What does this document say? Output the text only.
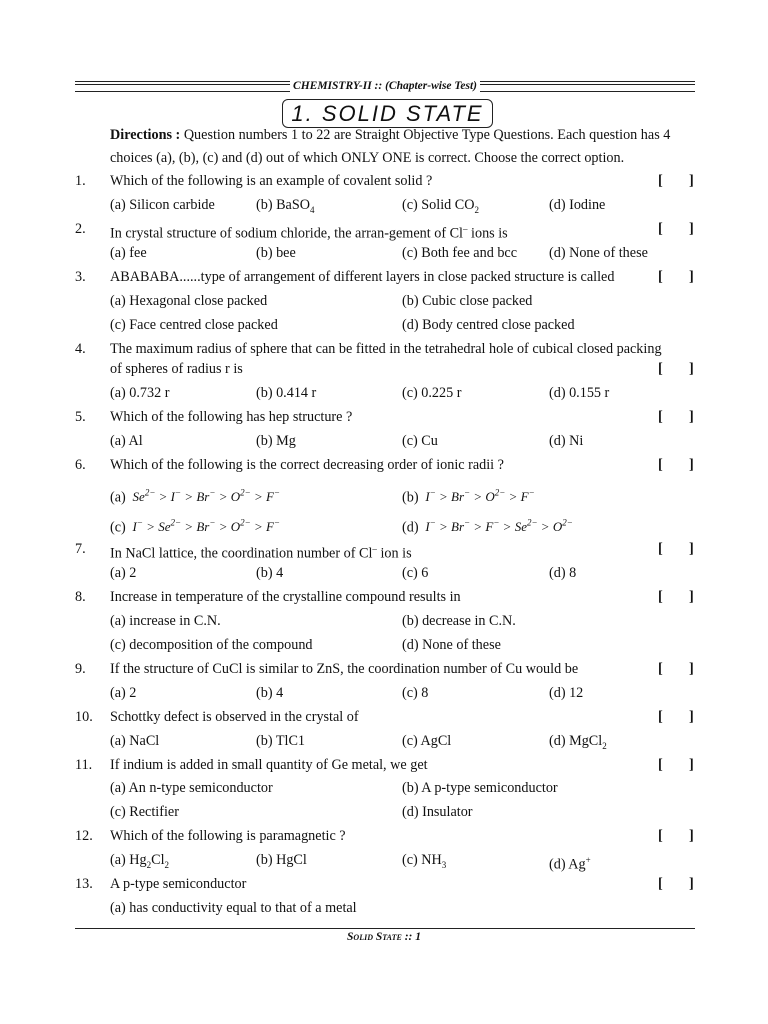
CHEMISTRY-II :: (Chapter-wise Test)
1. SOLID STATE
Directions : Question numbers 1 to 22 are Straight Objective Type Questions. Each question has 4 choices (a), (b), (c) and (d) out of which ONLY ONE is correct. Choose the correct option.
1. Which of the following is an example of covalent solid ?	[ ]
(a) Silicon carbide	(b) BaSO$_4$	(c) Solid $CO_2$	(d) Iodine
2. In crystal structure of sodium chloride, the arran-gement of Cl– ions is	[ ]
(a) fee	(b) bee	(c) Both fee and bcc (d) None of these
3. ABABABA......type of arrangement of different layers in close packed structure is called	[ ]
(a) Hexagonal close packed	(b) Cubic close packed
(c) Face centred close packed	(d) Body centred close packed
4. The maximum radius of sphere that can be fitted in the tetrahedral hole of cubical closed packing
of spheres of radius r is	[ ]
(a) 0.732 r	(b) 0.414 r	(c) 0.225 r	(d) 0.155 r
5. Which of the following has hep structure ?	[ ]
(a) Al	(b) Mg	(c) Cu	(d) Ni
6. Which of the following is the correct decreasing order of ionic radii ?	[ ]
(a)  $Se^{2-} > I^- > Br^- > O^{2-} > F^-$	(b)  $I^- > Br^- > O^{2-} > F^-$
(c)  $I^- > Se^{2-} > Br^- > O^{2-} > F^-$	(d)  $I^- > Br^- > F^- > Se^{2-} > O^{2-}$
7. In NaCl lattice, the coordination number of Cl– ion is	[ ]
(a) 2	(b) 4	(c) 6	(d) 8
8. Increase in temperature of the crystalline compound results in	[ ]
(a) increase in C.N.	(b) decrease in C.N.
(c) decomposition of the compound	(d) None of these
9. If the structure of CuCl is similar to ZnS, the coordination number of Cu would be	[ ]
(a) 2	(b) 4	(c) 8	(d) 12
10. Schottky defect is observed in the crystal of	[ ]
(a) NaCl	(b) TlC1	(c) AgCl	(d) MgCl$_2$
11. If indium is added in small quantity of Ge metal, we get	[ ]
(a) An n-type semiconductor	(b) A p-type semiconductor
(c) Rectifier	(d) Insulator
12. Which of the following is paramagnetic ?	[ ]
(a) $Hg_2Cl_2$	(b) HgCl	(c) $NH_3$	(d) Ag+
13. A p-type semiconductor	[ ]
(a) has conductivity equal to that of a metal
Solid State :: 1
